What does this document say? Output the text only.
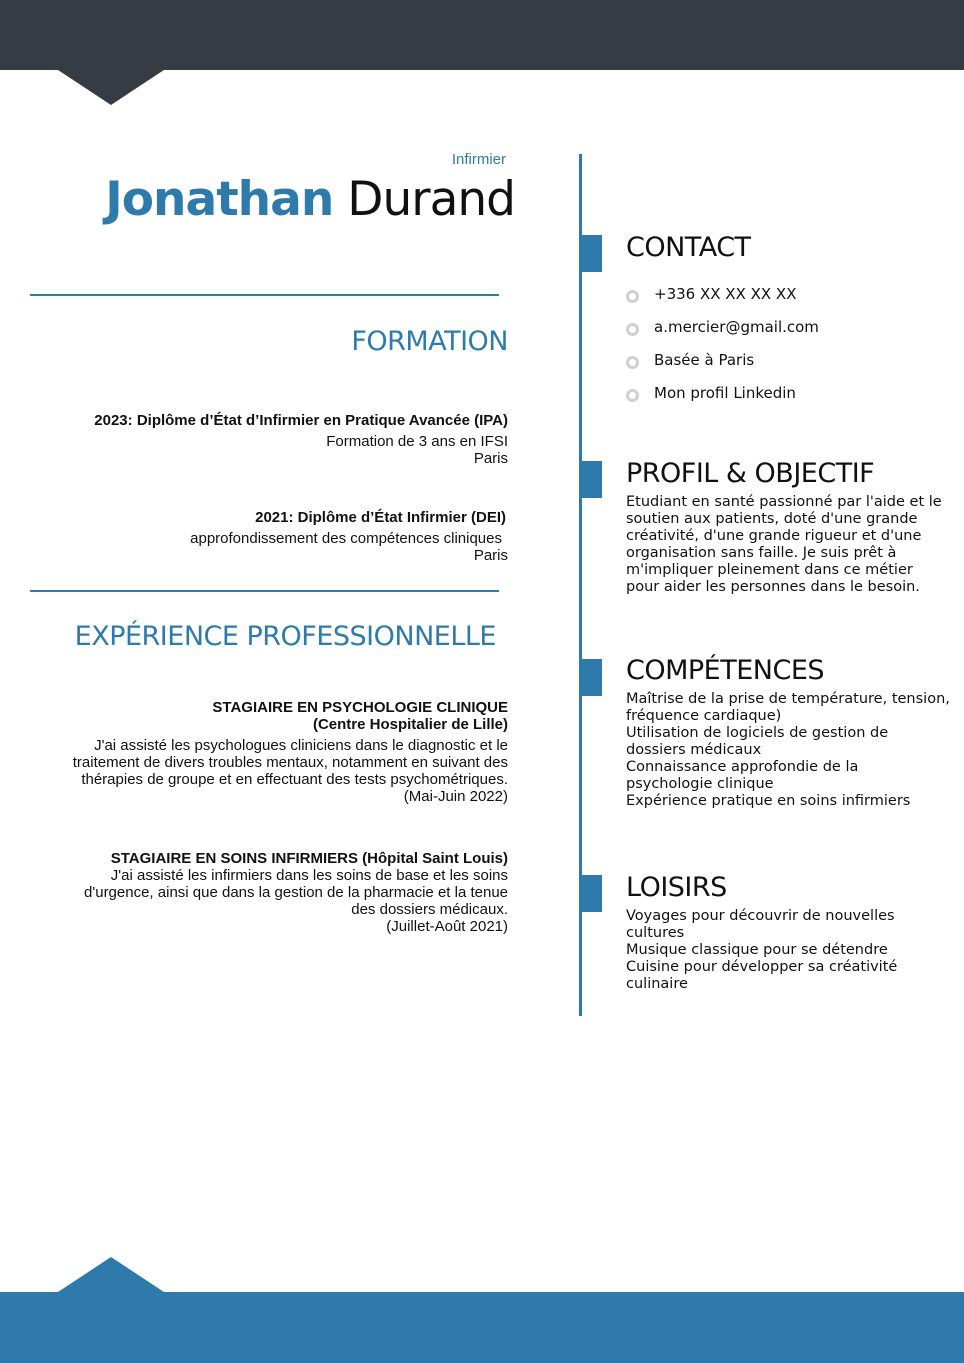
Infirmier
Jonathan Durand
FORMATION
2023: Diplôme d’État d’Infirmier en Pratique Avancée (IPA)
Formation de 3 ans en IFSI
Paris
2021: Diplôme d’État Infirmier (DEI)
approfondissement des compétences cliniques
Paris
EXPÉRIENCE PROFESSIONNELLE
STAGIAIRE EN PSYCHOLOGIE CLINIQUE
(Centre Hospitalier de Lille)
J'ai assisté les psychologues cliniciens dans le diagnostic et le
traitement de divers troubles mentaux, notamment en suivant des
thérapies de groupe et en effectuant des tests psychométriques.
(Mai-Juin 2022)
STAGIAIRE EN SOINS INFIRMIERS (Hôpital Saint Louis)
J'ai assisté les infirmiers dans les soins de base et les soins
d'urgence, ainsi que dans la gestion de la pharmacie et la tenue
des dossiers médicaux.
(Juillet-Août 2021)
CONTACT
+336 XX XX XX XX
a.mercier@gmail.com
Basée à Paris
Mon profil Linkedin
PROFIL & OBJECTIF
Etudiant en santé passionné par l'aide et le
soutien aux patients, doté d'une grande
créativité, d'une grande rigueur et d'une
organisation sans faille. Je suis prêt à
m'impliquer pleinement dans ce métier
pour aider les personnes dans le besoin.
COMPÉTENCES
Maîtrise de la prise de température, tension,
fréquence cardiaque)
Utilisation de logiciels de gestion de
dossiers médicaux
Connaissance approfondie de la
psychologie clinique
Expérience pratique en soins infirmiers
LOISIRS
Voyages pour découvrir de nouvelles
cultures
Musique classique pour se détendre
Cuisine pour développer sa créativité
culinaire
